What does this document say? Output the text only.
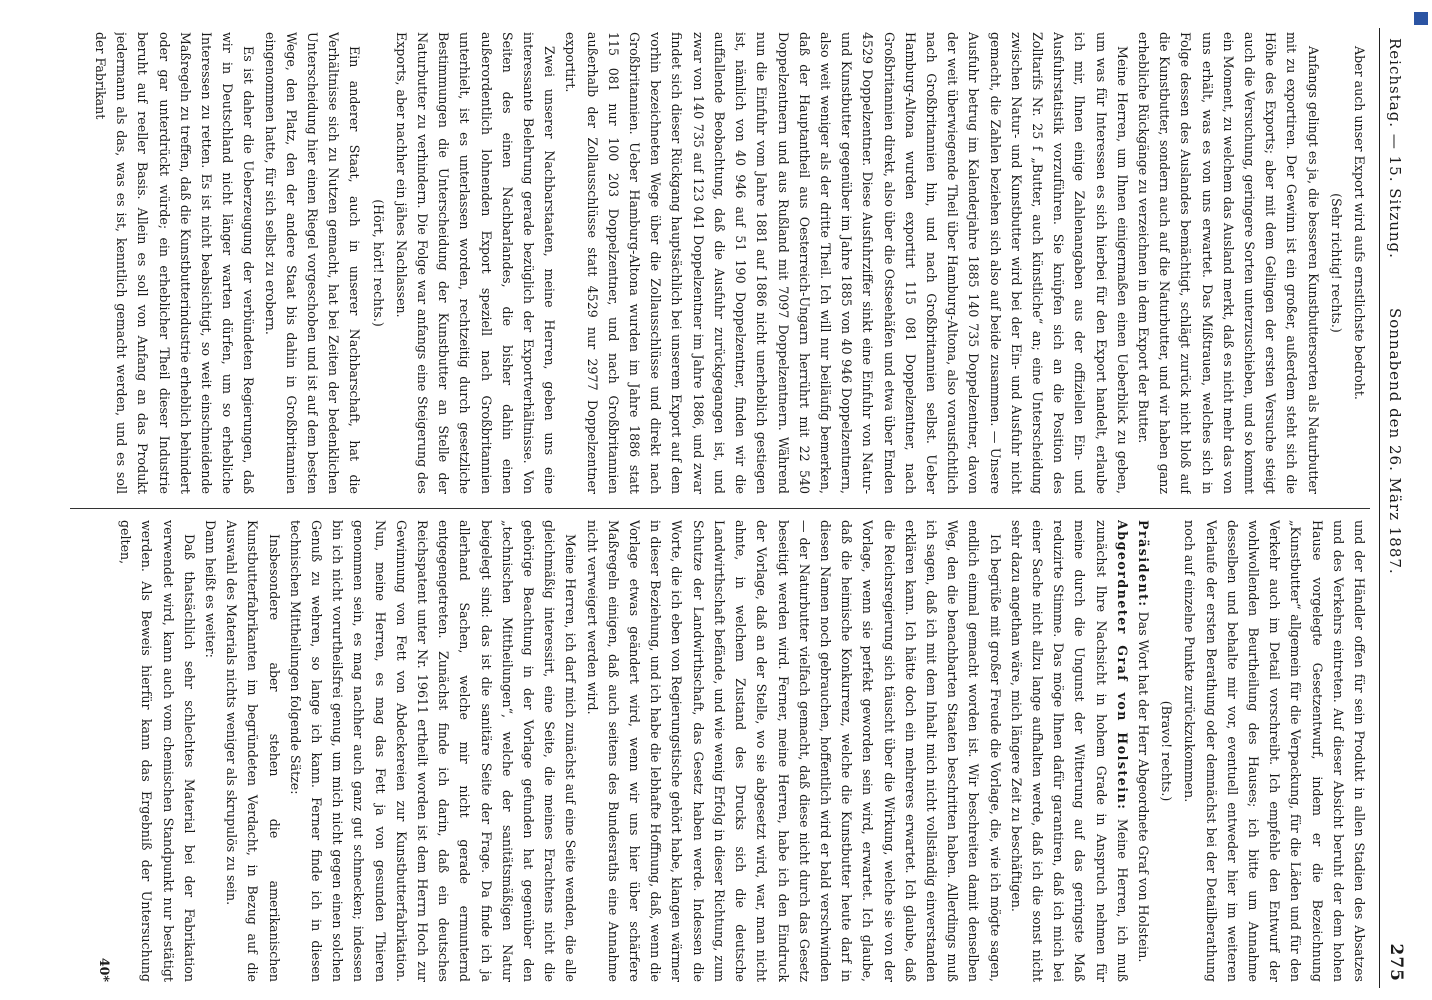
Reichstag. — 15. Sitzung.
Sonnabend den 26. März 1887.
275

Aber auch unser Export wird aufs ernstlichste bedroht.

(Sehr richtig! rechts.)

Anfangs gelingt es ja, die besseren Kunstbuttersorten als Naturbutter mit zu exportiren. Der Gewinn ist ein großer, außerdem steht sich die Höhe des Exports; aber mit dem Gelingen der ersten Versuche steigt auch die Versuchung, geringere Sorten unterzuschieben, und so kommt ein Moment, zu welchem das Ausland merkt, daß es nicht mehr das von uns erhält, was es von uns erwartet. Das Mißtrauen, welches sich in Folge dessen des Auslandes bemächtigt, schlägt zurück nicht bloß auf die Kunstbutter, sondern auch auf die Naturbutter, und wir haben ganz erhebliche Rückgänge zu verzeichnen in dem Export der Butter.

Meine Herren, um Ihnen einigermaßen einen Ueberblick zu geben, um was für Interessen es sich hierbei für den Export handelt, erlaube ich mir, Ihnen einige Zahlenangaben aus der offiziellen Ein- und Ausfuhrstatistik vorzuführen. Sie knüpfen sich an die Position des Zolltarifs Nr. 25 f „Butter, auch künstliche“ an; eine Unterscheidung zwischen Natur- und Kunstbutter wird bei der Ein- und Ausfuhr nicht gemacht, die Zahlen beziehen sich also auf beide zusammen. — Unsere Ausfuhr betrug im Kalenderjahre 1885 140 735 Doppelzentner, davon der weit überwiegende Theil über Hamburg-Altona, also vorausfichtlich nach Großbritannien hin, und nach Großbritannien selbst. Ueber Hamburg-Altona wurden exportirt 115 081 Doppelzentner, nach Großbritannien direkt, also über die Ostseehäfen und etwa über Emden 4529 Doppelzentner. Diese Ausfuhrziffer sinkt eine Einfuhr von Natur- und Kunstbutter gegenüber im Jahre 1885 von 40 946 Doppelzentnern, also weit weniger als der dritte Theil. Ich will nur beiläufig bemerken, daß der Hauptantheil aus Oesterreich-Ungarn herrührt mit 22 540 Doppelzentnern und aus Rußland mit 7097 Doppelzentnern. Während nun die Einfuhr vom Jahre 1881 auf 1886 nicht unerheblich gestiegen ist, nämlich von 40 946 auf 51 190 Doppelzentner, finden wir die auffallende Beobachtung, daß die Ausfuhr zurückgegangen ist, und zwar von 140 735 auf 123 041 Doppelzentner im Jahre 1886, und zwar findet sich dieser Rückgang hauptsächlich bei unserem Export auf dem vorhin bezeichneten Wege über die Zollausschlüsse und direkt nach Großbritannien. Ueber Hamburg-Altona wurden im Jahre 1886 statt 115 081 nur 100 203 Doppelzentner, und nach Großbritannien außerhalb der Zollausschlüsse statt 4529 nur 2977 Doppelzentner exportirt.

Zwei unserer Nachbarstaaten, meine Herren, geben uns eine interessante Belehrung gerade bezüglich der Exportverhältnisse. Von Seiten des einen Nachbarlandes, die bisher dahin einen außerordentlich lohnenden Export speziell nach Großbritannien unterhielt, ist es unterlassen worden, rechtzeitig durch gesetzliche Bestimmungen die Unterscheidung der Kunstbutter an Stelle der Naturbutter zu verhindern. Die Folge war anfangs eine Steigerung des Exports, aber nachher ein jähes Nachlassen.

(Hört, hört! rechts.)

Ein anderer Staat, auch in unserer Nachbarschaft, hat die Verhältnisse sich zu Nutzen gemacht, hat bei Zeiten der bedenklichen Unterscheidung hier einen Riegel vorgeschoben und ist auf dem besten Wege, den Platz, den der andere Staat bis dahin in Großbritannien eingenommen hatte, für sich selbst zu erobern.

Es ist daher die Ueberzeugung der verbündeten Regierungen, daß wir in Deutschland nicht länger warten dürfen, um so erhebliche Interessen zu retten. Es ist nicht beabsichtigt, so weit einschneidende Maßregeln zu treffen, daß die Kunstbutterindustrie erheblich behindert oder gar unterdrückt würde; ein erheblicher Theil dieser Industrie beruht auf reeller Basis. Allein es soll von Anfang an das Produkt jedermann als das, was es ist, kenntlich gemacht werden, und es soll der Fabrikant

und der Händler offen für sein Produkt in allen Stadien des Absatzes und des Verkehrs eintreten. Auf dieser Absicht beruht der dem hohen Hause vorgelegte Gesetzentwurf, indem er die Bezeichnung „Kunstbutter“ allgemein für die Verpackung, für die Läden und für den Verkehr auch im Detail vorschreibt. Ich empfehle den Entwurf der wohlwollenden Beurtheilung des Hauses; ich bitte um Annahme desselben und behalte mir vor, eventuell entweder hier im weiteren Verlaufe der ersten Berathung oder demnächst bei der Detailberathung noch auf einzelne Punkte zurückzukommen.

(Bravo! rechts.)

Präsident: Das Wort hat der Herr Abgeordnete Graf von Holstein.

Abgeordneter Graf von Holstein: Meine Herren, ich muß zunächst Ihre Nachsicht in hohem Grade in Anspruch nehmen für meine durch die Ungunst der Witterung auf das geringste Maß reduzirte Stimme. Das möge Ihnen dafür garantiren, daß ich mich bei einer Sache nicht allzu lange aufhalten werde, daß ich die sonst nicht sehr dazu angethan wäre, mich längere Zeit zu beschäftigen.

Ich begrüße mit großer Freude die Vorlage, die, wie ich mögte sagen, endlich einmal gemacht worden ist. Wir beschreiten damit denselben Weg, den die benachbarten Staaten beschritten haben. Allerdings muß ich sagen, daß ich mit dem Inhalt mich nicht vollständig einverstanden erklären kann. Ich hätte doch ein mehreres erwartet. Ich glaube, daß die Reichsregierung sich täuscht über die Wirkung, welche sie von der Vorlage, wenn sie perfekt geworden sein wird, erwartet. Ich glaube, daß die heimische Konkurrenz, welche die Kunstbutter heute darf in diesen Namen noch gebrauchen, hoffentlich wird er bald verschwinden — der Naturbutter vielfach gemacht, daß diese nicht durch das Gesetz beseitigt werden wird. Ferner, meine Herren, habe ich den Eindruck der Vorlage, daß an der Stelle, wo sie abgesetzt wird, war, man nicht ahnte, in welchem Zustand des Drucks sich die deutsche Landwirthschaft befände, und wie wenig Erfolg in dieser Richtung, zum Schutze der Landwirthschaft, das Gesetz haben werde. Indessen die Worte, die ich eben von Regierungstische gehört habe, klangen wärmer in dieser Beziehung, und ich habe die lebhafte Hoffnung, daß, wenn die Vorlage etwas geändert wird, wenn wir uns hier über schärfere Maßregeln einigen, daß auch seitens des Bundesraths eine Annahme nicht verweigert werden wird.

Meine Herren, ich darf mich zunächst auf eine Seite wenden, die alle gleichmäßig interessirt, eine Seite, die meines Erachtens nicht die gehörige Beachtung in der Vorlage gefunden hat gegenüber den „technischen Mittheilungen“, welche der sanitätsmäßigen Natur beigelegt sind: das ist die sanitäre Seite der Frage. Da finde ich ja allerhand Sachen, welche mir nicht gerade ermunternd entgegengetreten. Zunächst finde ich darin, daß ein deutsches Reichspatent unter Nr. 19611 ertheilt worden ist dem Herrn Hoch zur Gewinnung von Fett von Abdeckereien zur Kunstbutterfabrikation. Nun, meine Herren, es mag das Fett ja von gesunden Thieren genommen sein, es mag nachher auch ganz gut schmecken; indessen bin ich nicht vorurtheilsfrei genug, um mich nicht gegen einen solchen Genuß zu wehren, so lange ich kann. Ferner finde ich in diesen technischen Mittheilungen folgende Sätze:

Insbesondere aber stehen die amerikanischen Kunstbutterfabrikanten im begründeten Verdacht, in Bezug auf die Auswahl des Materials nichts weniger als skrupulös zu sein.

Dann heißt es weiter:

Daß thatsächlich sehr schlechtes Material bei der Fabrikation verwendet wird, kann auch vom chemischen Standpunkt nur bestätigt werden. Als Beweis hierfür kann das Ergebniß der Untersuchung gelten,

40*
